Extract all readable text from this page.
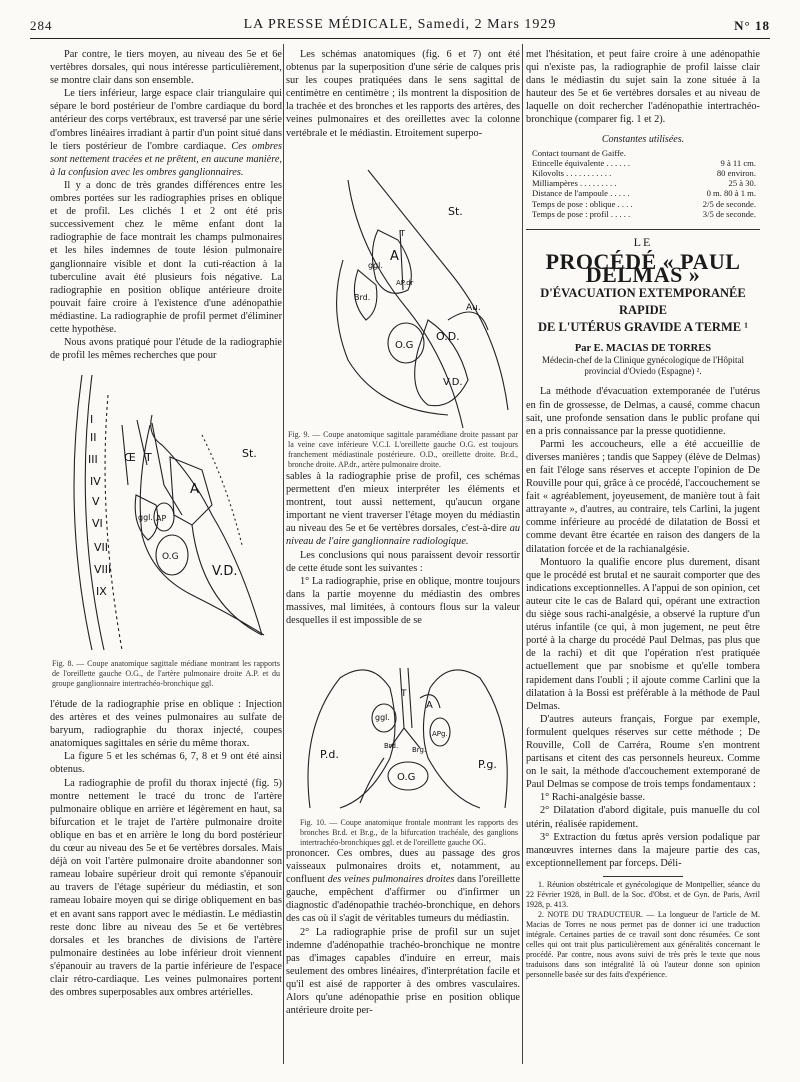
284	LA PRESSE MÉDICALE, Samedi, 2 Mars 1929	N° 18

Par contre, le tiers moyen, au niveau des 5e et 6e vertèbres dorsales, qui nous intéresse particulièrement, se montre clair dans son ensemble.

Le tiers inférieur, large espace clair triangulaire qui sépare le bord postérieur de l'ombre cardiaque du bord antérieur des corps vertébraux, est traversé par une série d'ombres linéaires irradiant à partir d'un point situé dans le tiers postérieur de l'ombre cardiaque. Ces ombres sont nettement tracées et ne prêtent, en aucune manière, à la confusion avec les ombres ganglionnaires.

Il y a donc de très grandes différences entre les ombres portées sur les radiographies prises en oblique et de profil. Les clichés 1 et 2 ont été pris successivement chez le même enfant dont la radiographie de face montrait les champs pulmonaires et les hiles indemnes de toute lésion pulmonaire ganglionnaire visible et dont la cuti-réaction à la tuberculine avait été plusieurs fois négative. La radiographie en position oblique antérieure droite pouvait faire croire à l'existence d'une adénopathie médiastine. La radiographie de profil permet d'éliminer cette hypothèse.

Nous avons pratiqué pour l'étude de la radiographie de profil les mêmes recherches que pour

I
II
III
IV
V
VI
VII
VIII
IX
Œ T	St.
A
AP
ggl.
O.G
V.D.
Fig. 8. — Coupe anatomique sagittale médiane montrant les rapports de l'oreillette gauche O.G., de l'artère pulmonaire droite A.P. et du groupe ganglionnaire intertrachéo-bronchique ggl.

l'étude de la radiographie prise en oblique : Injection des artères et des veines pulmonaires au sulfate de baryum, radiographie du thorax injecté, coupes anatomiques sagittales en série du même thorax.

La figure 5 et les schémas 6, 7, 8 et 9 ont été ainsi obtenus.

La radiographie de profil du thorax injecté (fig. 5) montre nettement le tracé du tronc de l'artère pulmonaire oblique en arrière et légèrement en haut, sa bifurcation et le trajet de l'artère pulmonaire droite oblique en bas et en arrière le long du bord postérieur du cœur au niveau des 5e et 6e vertèbres dorsales. Mais déjà on voit l'artère pulmonaire droite abandonner son rameau lobaire supérieur droit qui remonte s'épanouir au travers de l'étage supérieur du médiastin, et son rameau lobaire moyen qui se dirige obliquement en bas et en avant sans rapport avec le médiastin. Le médiastin reste donc libre au niveau des 5e et 6e vertèbres dorsales et les branches de divisions de l'artère pulmonaire destinées au lobe inférieur droit viennent s'épanouir au travers de la partie inférieure de l'espace clair rétro-cardiaque. Les veines pulmonaires portent des ombres superposables aux ombres artérielles.

Les schémas anatomiques (fig. 6 et 7) ont été obtenus par la superposition d'une série de calques pris sur les coupes pratiquées dans le sens sagittal de centimètre en centimètre ; ils montrent la disposition de la trachée et des bronches et les rapports des artères, des veines pulmonaires et des oreillettes avec la colonne vertébrale et le médiastin. Etroitement superpo-

St.
A
ggl.
Brd.
AP.dr
T
O.G
O.D.
Au.
V.D.
Fig. 9. — Coupe anatomique sagittale paramédiane droite passant par la veine cave inférieure V.C.I. L'oreillette gauche O.G. est toujours franchement médiastinale postérieure. O.D., oreillette droite. Br.d., bronche droite. AP.dr., artère pulmonaire droite.

sables à la radiographie prise de profil, ces schémas permettent d'en mieux interpréter les éléments et montrent, tout aussi nettement, qu'aucun organe important ne vient traverser l'étage moyen du médiastin au niveau des 5e et 6e vertèbres dorsales, c'est-à-dire au niveau de l'aire ganglionnaire radiologique.

Les conclusions qui nous paraissent devoir ressortir de cette étude sont les suivantes :

1° La radiographie, prise en oblique, montre toujours dans la partie moyenne du médiastin des ombres massives, mal limitées, à contours flous sur la valeur desquelles il est impossible de se

P.d.
P.g.
ggl.
T
A
APg.
Brd. Brg.
O.G
Fig. 10. — Coupe anatomique frontale montrant les rapports des bronches Br.d. et Br.g., de la bifurcation trachéale, des ganglions intertrachéo-bronchiques ggl. et de l'oreillette gauche OG.

prononcer. Ces ombres, dues au passage des gros vaisseaux pulmonaires droits et, notamment, au confluent des veines pulmonaires droites dans l'oreillette gauche, empêchent d'affirmer ou d'infirmer un diagnostic d'adénopathie trachéo-bronchique, en dehors des cas où il s'agit de véritables tumeurs du médiastin.

2° La radiographie prise de profil sur un sujet indemne d'adénopathie trachéo-bronchique ne montre pas d'images capables d'induire en erreur, mais seulement des ombres linéaires, d'interprétation facile et qu'il est aisé de rapporter à des ombres vasculaires. Alors qu'une adénopathie prise en position oblique antérieure droite per-

met l'hésitation, et peut faire croire à une adénopathie qui n'existe pas, la radiographie de profil laisse clair dans le médiastin du sujet sain la zone située à la hauteur des 5e et 6e vertèbres dorsales et au niveau de laquelle on doit rechercher l'adénopathie intertrachéo-bronchique (comparer fig. 1 et 2).

Constantes utilisées.
Contact tournant de Gaiffe.	
Etincelle équivalente . . . . . .	9 à 11 cm.
Kilovolts . . . . . . . . . . .	80 environ.
Milliampères . . . . . . . . .	25 à 30.
Distance de l'ampoule . . . . .	0 m. 80 à 1 m.
Temps de pose : oblique . . . .	2/5 de seconde.
Temps de pose : profil . . . . .	3/5 de seconde.
LE
PROCÉDÉ « PAUL DELMAS »
D'ÉVACUATION EXTEMPORANÉE RAPIDE
DE L'UTÉRUS GRAVIDE A TERME ¹
Par E. MACIAS DE TORRES
Médecin-chef de la Clinique gynécologique de l'Hôpital provincial d'Oviedo (Espagne) ².

La méthode d'évacuation extemporanée de l'utérus en fin de grossesse, de Delmas, a causé, comme chacun sait, une profonde sensation dans le public profane qui en a pris connaissance par la presse quotidienne.

Parmi les accoucheurs, elle a été accueillie de diverses manières ; tandis que Sappey (élève de Delmas) en fait l'éloge sans réserves et accepte l'opinion de De Rouville pour qui, grâce à ce procédé, l'accouchement se fait « agréablement, joyeusement, de manière tout à fait attrayante », d'autres, au contraire, tels Carlini, la jugent comme inférieure au procédé de dilatation de Bossi et comme devant être écartée en raison des dangers de la dilatation forcée et de la rachianalgésie.

Montuoro la qualifie encore plus durement, disant que le procédé est brutal et ne saurait comporter que des indications exceptionnelles. A l'appui de son opinion, cet auteur cite le cas de Balard qui, opérant une extraction du siège sous rachi-analgésie, a observé la rupture d'un utérus infantile (ce qui, à mon jugement, ne peut être porté à la charge du procédé Paul Delmas, pas plus que de la rachi) et dit que l'opération n'est pratiquée actuellement que par snobisme et qu'elle tombera rapidement dans l'oubli ; il ajoute comme Carlini que la dilatation à la Bossi est préférable à la méthode de Paul Delmas.

D'autres auteurs français, Forgue par exemple, formulent quelques réserves sur cette méthode ; De Rouville, Coll de Carréra, Roume s'en montrent partisans et citent des cas personnels heureux. Comme on le sait, la méthode d'accouchement extemporané de Paul Delmas se compose de trois temps fondamentaux :

1° Rachi-analgésie basse.

2° Dilatation d'abord digitale, puis manuelle du col utérin, réalisée rapidement.

3° Extraction du fœtus après version podalique par manœuvres internes dans la majeure partie des cas, exceptionnellement par forceps. Déli-

1. Réunion obstétricale et gynécologique de Montpellier, séance du 22 Février 1928, in Bull. de la Soc. d'Obst. et de Gyn. de Paris, Avril 1928, p. 413.

2. NOTE DU TRADUCTEUR. — La longueur de l'article de M. Macias de Torres ne nous permet pas de donner ici une traduction intégrale. Certaines parties de ce travail sont donc résumées. Ce sont celles qui ont trait plus particulièrement aux généralités concernant le procédé. Par contre, nous avons suivi de très près le texte que nous traduisons dans son intégralité là où l'auteur donne son opinion personnelle basée sur des faits d'expérience.
